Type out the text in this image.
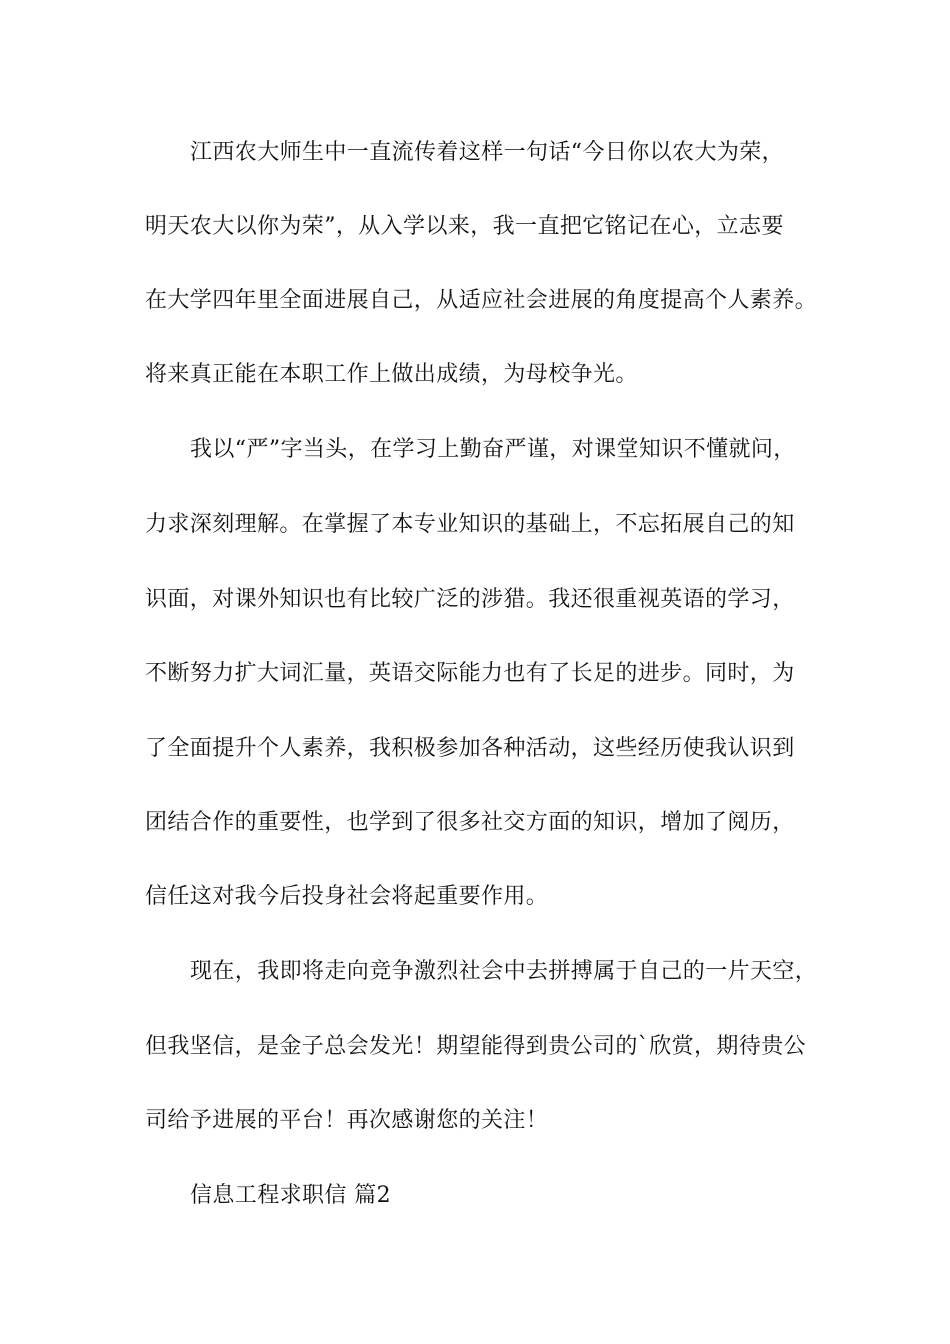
江西农大师生中一直流传着这样一句话“今日你以农大为荣，
明天农大以你为荣”，从入学以来，我一直把它铭记在心，立志要
在大学四年里全面进展自己，从适应社会进展的角度提高个人素养。
将来真正能在本职工作上做出成绩，为母校争光。
我以“严”字当头，在学习上勤奋严谨，对课堂知识不懂就问，
力求深刻理解。在掌握了本专业知识的基础上，不忘拓展自己的知
识面，对课外知识也有比较广泛的涉猎。我还很重视英语的学习，
不断努力扩大词汇量，英语交际能力也有了长足的进步。同时，为
了全面提升个人素养，我积极参加各种活动，这些经历使我认识到
团结合作的重要性，也学到了很多社交方面的知识，增加了阅历，
信任这对我今后投身社会将起重要作用。
现在，我即将走向竞争激烈社会中去拼搏属于自己的一片天空，
但我坚信，是金子总会发光！期望能得到贵公司的`欣赏，期待贵公
司给予进展的平台！再次感谢您的关注！
信息工程求职信 篇2
